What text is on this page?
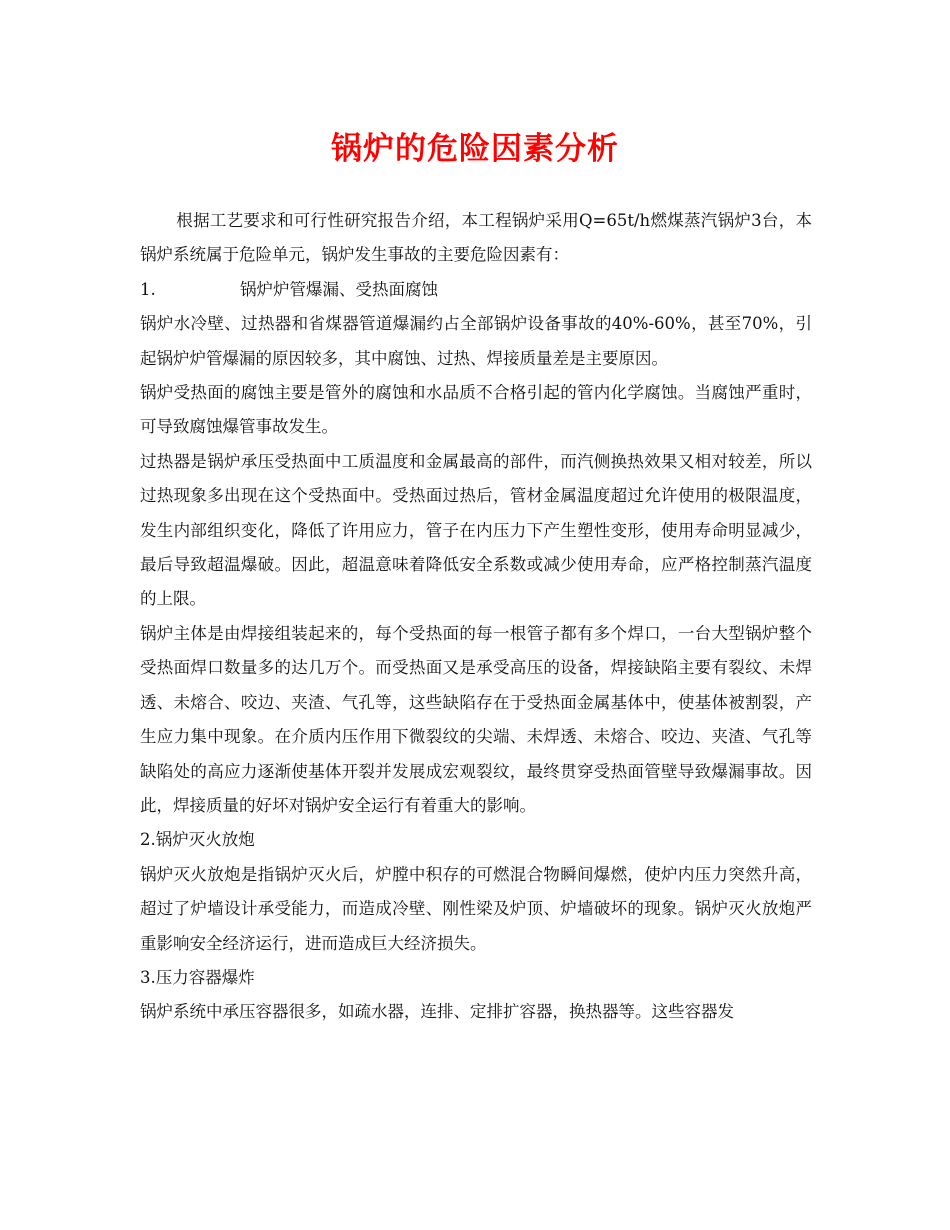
锅炉的危险因素分析

根据工艺要求和可行性研究报告介绍，本工程锅炉采用Q=65t/h燃煤蒸汽锅炉3台，本锅炉系统属于危险单元，锅炉发生事故的主要危险因素有：

1.	锅炉炉管爆漏、受热面腐蚀

锅炉水冷壁、过热器和省煤器管道爆漏约占全部锅炉设备事故的40%-60%，甚至70%，引起锅炉炉管爆漏的原因较多，其中腐蚀、过热、焊接质量差是主要原因。

锅炉受热面的腐蚀主要是管外的腐蚀和水品质不合格引起的管内化学腐蚀。当腐蚀严重时，可导致腐蚀爆管事故发生。

过热器是锅炉承压受热面中工质温度和金属最高的部件，而汽侧换热效果又相对较差，所以过热现象多出现在这个受热面中。受热面过热后，管材金属温度超过允许使用的极限温度，发生内部组织变化，降低了许用应力，管子在内压力下产生塑性变形，使用寿命明显减少，最后导致超温爆破。因此，超温意味着降低安全系数或减少使用寿命，应严格控制蒸汽温度的上限。

锅炉主体是由焊接组装起来的，每个受热面的每一根管子都有多个焊口，一台大型锅炉整个受热面焊口数量多的达几万个。而受热面又是承受高压的设备，焊接缺陷主要有裂纹、未焊透、未熔合、咬边、夹渣、气孔等，这些缺陷存在于受热面金属基体中，使基体被割裂，产生应力集中现象。在介质内压作用下微裂纹的尖端、未焊透、未熔合、咬边、夹渣、气孔等缺陷处的高应力逐渐使基体开裂并发展成宏观裂纹，最终贯穿受热面管壁导致爆漏事故。因此，焊接质量的好坏对锅炉安全运行有着重大的影响。

2.锅炉灭火放炮

锅炉灭火放炮是指锅炉灭火后，炉膛中积存的可燃混合物瞬间爆燃，使炉内压力突然升高，超过了炉墙设计承受能力，而造成冷壁、刚性梁及炉顶、炉墙破坏的现象。锅炉灭火放炮严重影响安全经济运行，进而造成巨大经济损失。

3.压力容器爆炸

锅炉系统中承压容器很多，如疏水器，连排、定排扩容器，换热器等。这些容器发
